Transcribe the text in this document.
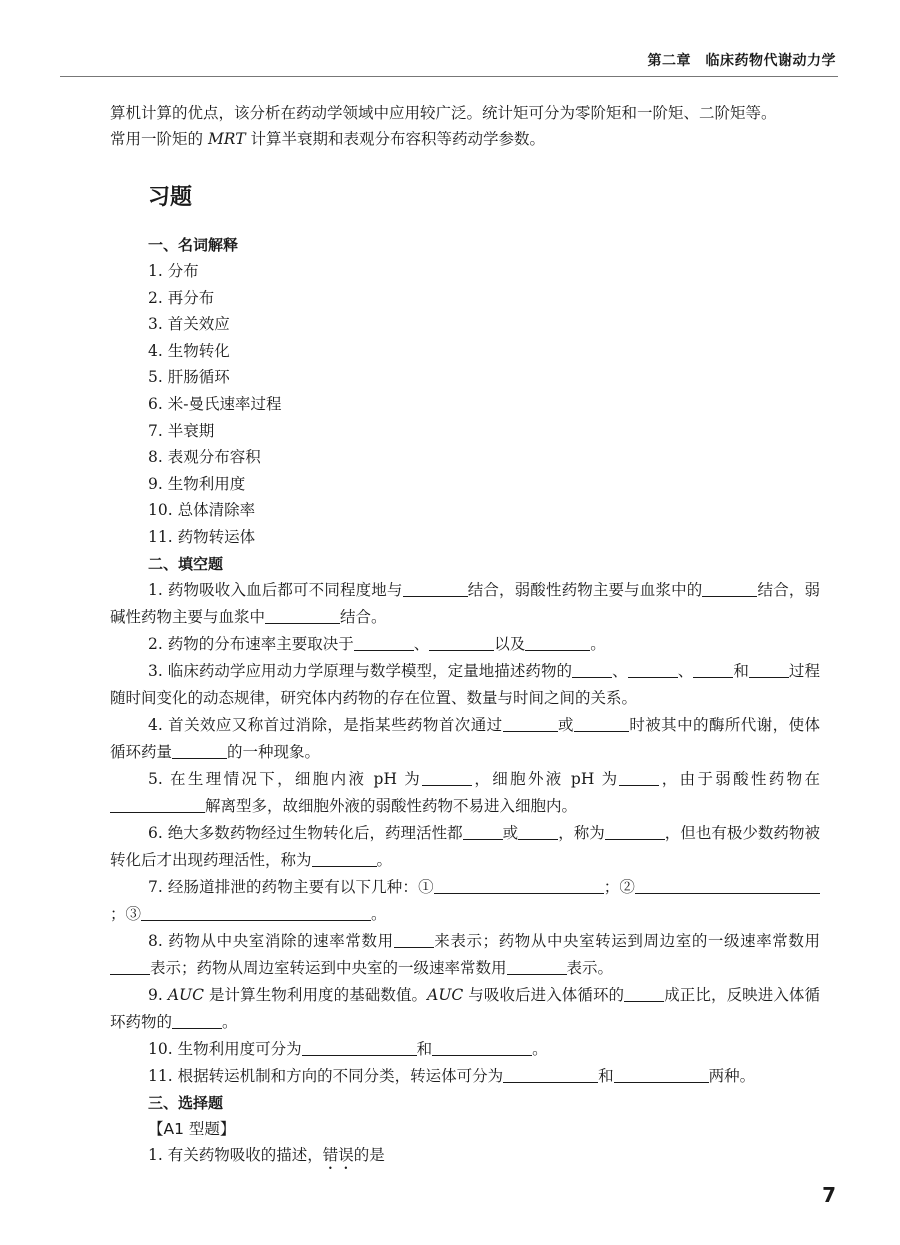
第二章　临床药物代谢动力学

算机计算的优点，该分析在药动学领域中应用较广泛。统计矩可分为零阶矩和一阶矩、二阶矩等。

常用一阶矩的 MRT 计算半衰期和表观分布容积等药动学参数。

习题
一、名词解释
1. 分布
2. 再分布
3. 首关效应
4. 生物转化
5. 肝肠循环
6. 米-曼氏速率过程
7. 半衰期
8. 表观分布容积
9. 生物利用度
10. 总体清除率
11. 药物转运体
二、填空题

1. 药物吸收入血后都可不同程度地与	结合，弱酸性药物主要与血浆中的	结合，弱碱性药物主要与血浆中	结合。

2. 药物的分布速率主要取决于	、	以及	。

3. 临床药动学应用动力学原理与数学模型，定量地描述药物的	、	、	和	过程随时间变化的动态规律，研究体内药物的存在位置、数量与时间之间的关系。

4. 首关效应又称首过消除，是指某些药物首次通过	或	时被其中的酶所代谢，使体循环药量	的一种现象。

5. 在生理情况下，细胞内液 pH 为	，细胞外液 pH 为	，由于弱酸性药物在解离型多，故细胞外液的弱酸性药物不易进入细胞内。

6. 绝大多数药物经过生物转化后，药理活性都	或	，称为	，但也有极少数药物被转化后才出现药理活性，称为	。

7. 经肠道排泄的药物主要有以下几种：①	；②；③	。

8. 药物从中央室消除的速率常数用	来表示；药物从中央室转运到周边室的一级速率常数用表示；药物从周边室转运到中央室的一级速率常数用	表示。

9. AUC 是计算生物利用度的基础数值。AUC 与吸收后进入体循环的	成正比，反映进入体循环药物的	。

10. 生物利用度可分为	和	。

11. 根据转运机制和方向的不同分类，转运体可分为	和	两种。

三、选择题
【A1 型题】

1. 有关药物吸收的描述，错误的是

7
